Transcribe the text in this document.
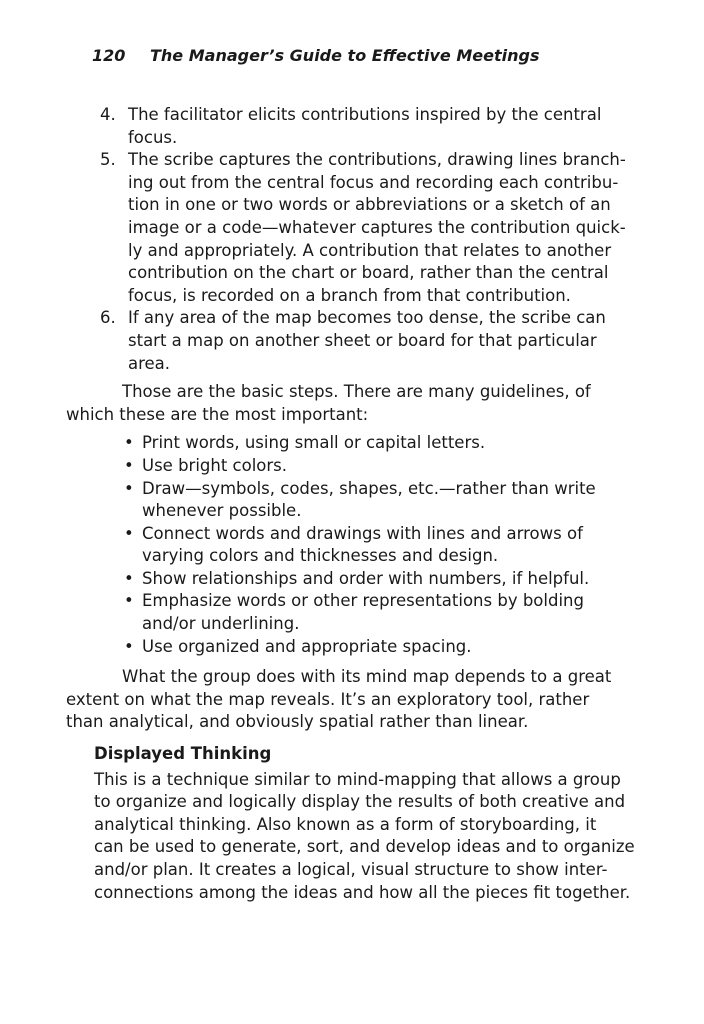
120 The Manager’s Guide to Effective Meetings
4. The facilitator elicits contributions inspired by the central
focus.
5. The scribe captures the contributions, drawing lines branch-
ing out from the central focus and recording each contribu-
tion in one or two words or abbreviations or a sketch of an
image or a code—whatever captures the contribution quick-
ly and appropriately. A contribution that relates to another
contribution on the chart or board, rather than the central
focus, is recorded on a branch from that contribution.
6. If any area of the map becomes too dense, the scribe can
start a map on another sheet or board for that particular
area.

Those are the basic steps. There are many guidelines, of
which these are the most important:

• Print words, using small or capital letters.
• Use bright colors.
• Draw—symbols, codes, shapes, etc.—rather than write
whenever possible.
• Connect words and drawings with lines and arrows of
varying colors and thicknesses and design.
• Show relationships and order with numbers, if helpful.
• Emphasize words or other representations by bolding
and/or underlining.
• Use organized and appropriate spacing.

What the group does with its mind map depends to a great
extent on what the map reveals. It’s an exploratory tool, rather
than analytical, and obviously spatial rather than linear.

Displayed Thinking

This is a technique similar to mind-mapping that allows a group
to organize and logically display the results of both creative and
analytical thinking. Also known as a form of storyboarding, it
can be used to generate, sort, and develop ideas and to organize
and/or plan. It creates a logical, visual structure to show inter-
connections among the ideas and how all the pieces fit together.
